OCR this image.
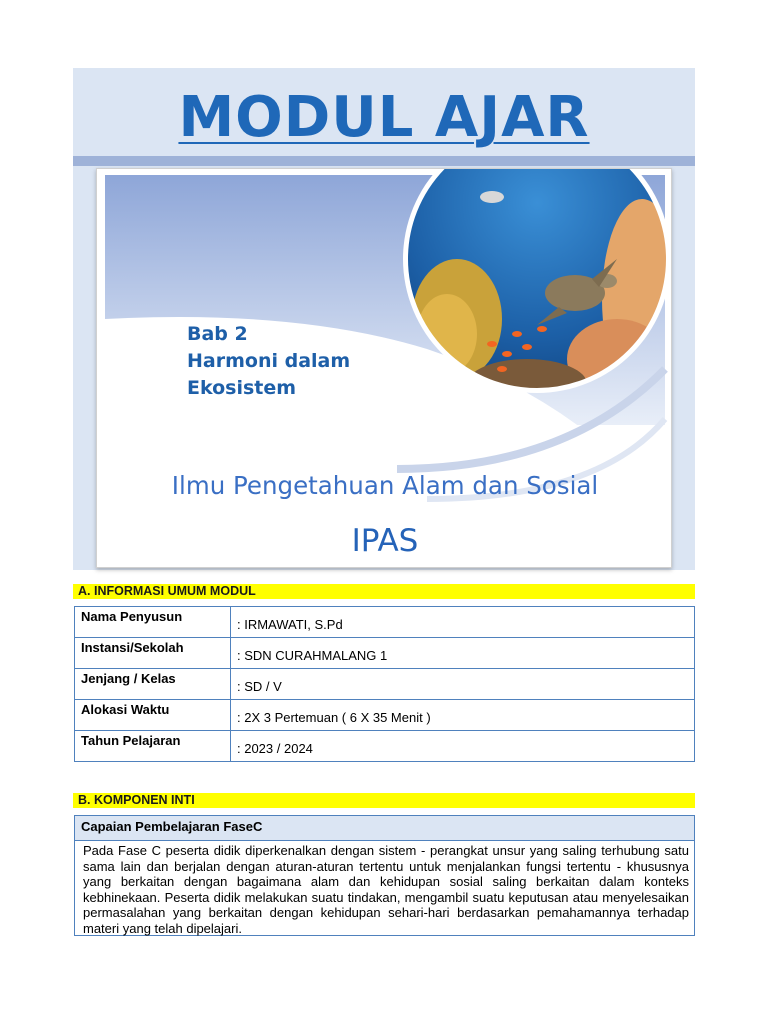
MODUL AJAR
Bab 2
Harmoni dalam
Ekosistem
Ilmu Pengetahuan Alam dan Sosial
IPAS
A. INFORMASI UMUM MODUL
Nama Penyusun	: IRMAWATI, S.Pd
Instansi/Sekolah	: SDN CURAHMALANG 1
Jenjang / Kelas	: SD / V
Alokasi Waktu	: 2X 3 Pertemuan ( 6 X 35 Menit )
Tahun Pelajaran	: 2023 / 2024
B. KOMPONEN INTI
Capaian Pembelajaran FaseC
Pada Fase C peserta didik diperkenalkan dengan sistem - perangkat unsur yang saling terhubung satu sama lain dan berjalan dengan aturan-aturan tertentu untuk menjalankan fungsi tertentu - khususnya yang berkaitan dengan bagaimana alam dan kehidupan sosial saling berkaitan dalam konteks kebhinekaan. Peserta didik melakukan suatu tindakan, mengambil suatu keputusan atau menyelesaikan permasalahan yang berkaitan dengan kehidupan sehari-hari berdasarkan pemahamannya terhadap materi yang telah dipelajari.
